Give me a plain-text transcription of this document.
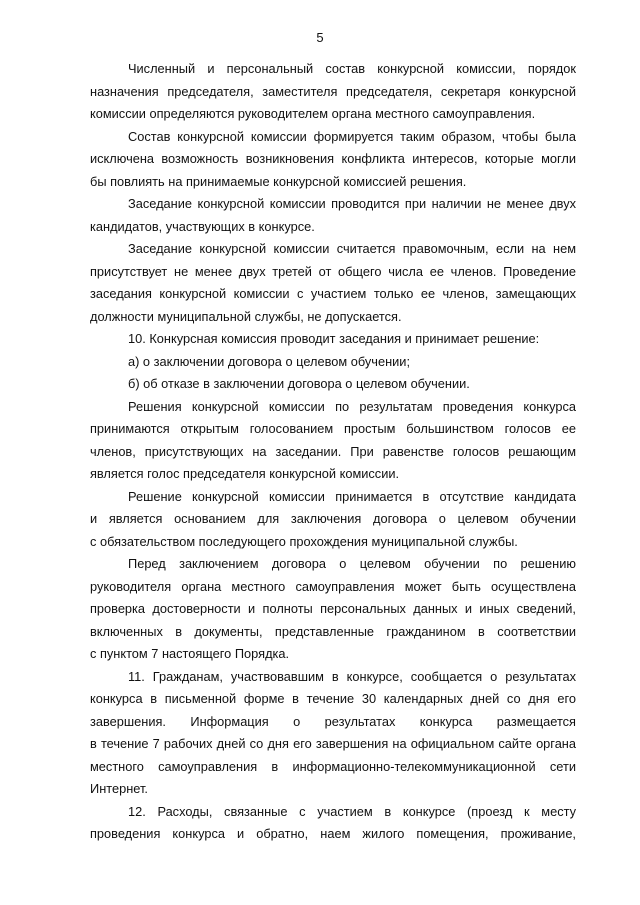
5
Численный и персональный состав конкурсной комиссии, порядок
назначения председателя, заместителя председателя, секретаря конкурсной
комиссии определяются руководителем органа местного самоуправления.
Состав конкурсной комиссии формируется таким образом, чтобы была
исключена возможность возникновения конфликта интересов, которые могли
бы повлиять на принимаемые конкурсной комиссией решения.
Заседание конкурсной комиссии проводится при наличии не менее двух
кандидатов, участвующих в конкурсе.
Заседание конкурсной комиссии считается правомочным, если на нем
присутствует не менее двух третей от общего числа ее членов. Проведение
заседания конкурсной комиссии с участием только ее членов, замещающих
должности муниципальной службы, не допускается.
10. Конкурсная комиссия проводит заседания и принимает решение:
а) о заключении договора о целевом обучении;
б) об отказе в заключении договора о целевом обучении.
Решения конкурсной комиссии по результатам проведения конкурса
принимаются открытым голосованием простым большинством голосов ее
членов, присутствующих на заседании. При равенстве голосов решающим
является голос председателя конкурсной комиссии.
Решение конкурсной комиссии принимается в отсутствие кандидата
и является основанием для заключения договора о целевом обучении
с обязательством последующего прохождения муниципальной службы.
Перед заключением договора о целевом обучении по решению
руководителя органа местного самоуправления может быть осуществлена
проверка достоверности и полноты персональных данных и иных сведений,
включенных в документы, представленные гражданином в соответствии
с пунктом 7 настоящего Порядка.
11. Гражданам, участвовавшим в конкурсе, сообщается о результатах
конкурса в письменной форме в течение 30 календарных дней со дня его
завершения. Информация о результатах конкурса размещается
в течение 7 рабочих дней со дня его завершения на официальном сайте органа
местного самоуправления в информационно-телекоммуникационной сети
Интернет.
12. Расходы, связанные с участием в конкурсе (проезд к месту
проведения конкурса и обратно, наем жилого помещения, проживание,
